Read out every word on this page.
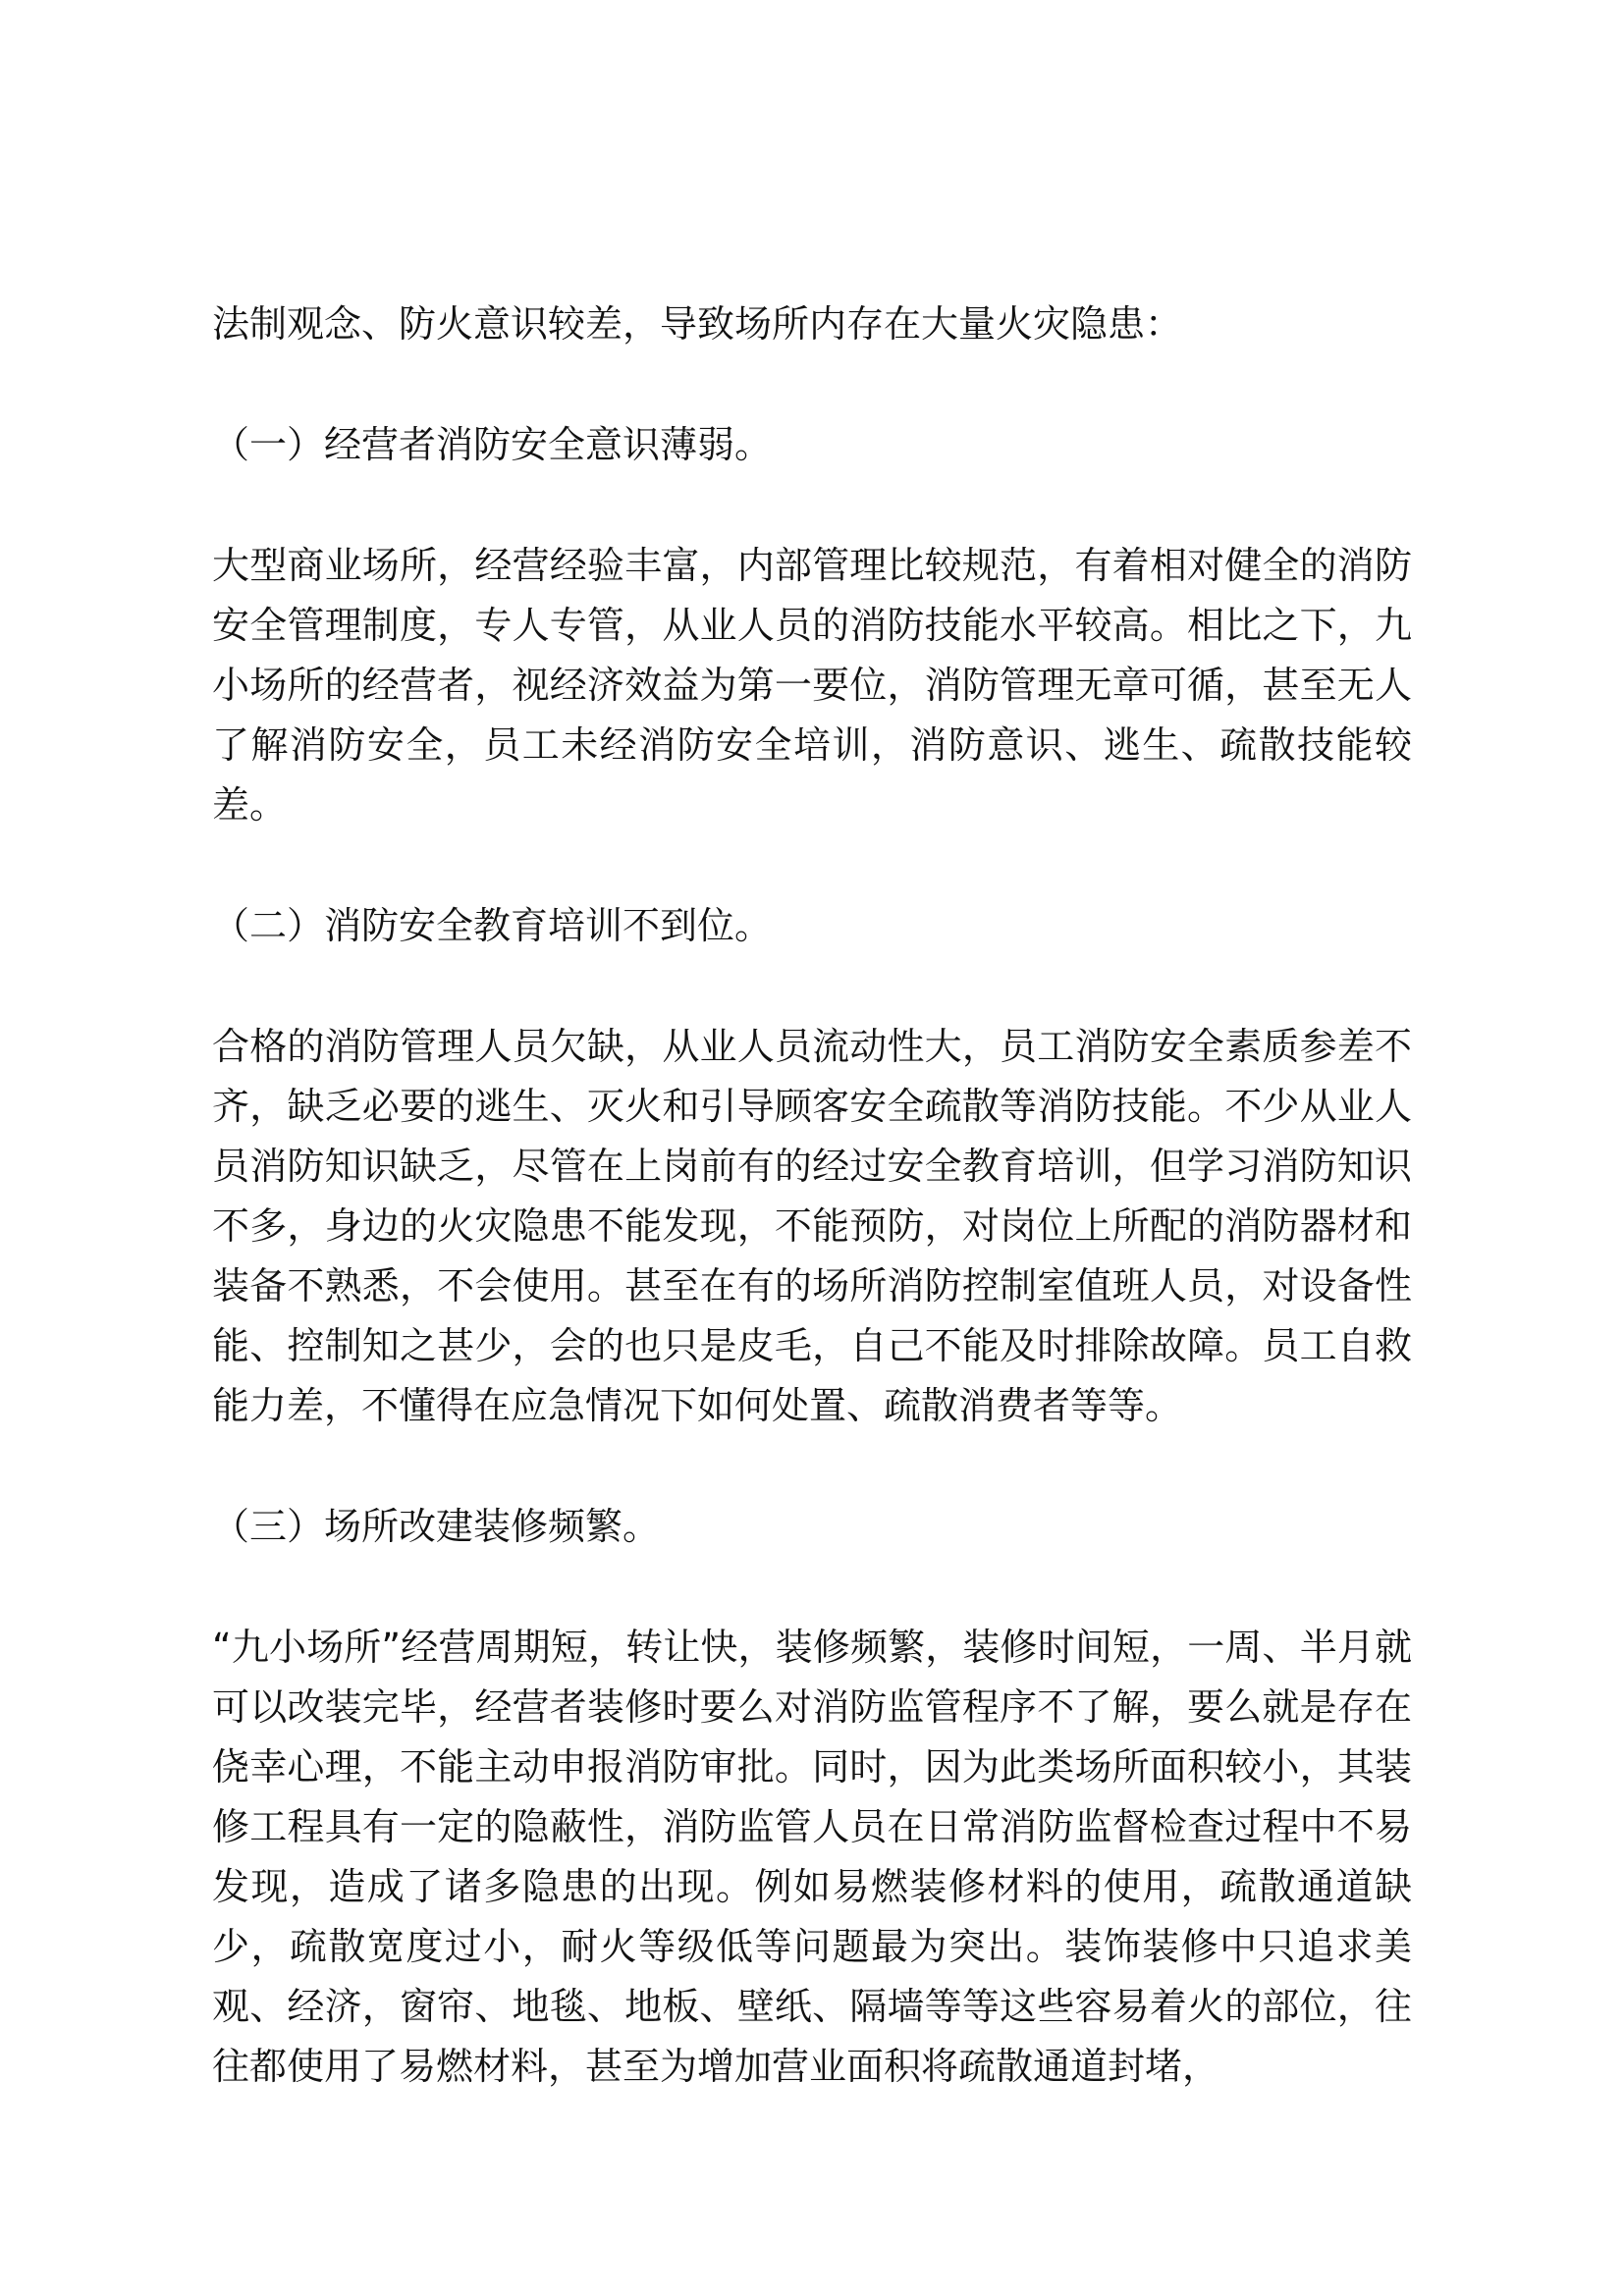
法制观念、防火意识较差，导致场所内存在大量火灾隐患：

（一）经营者消防安全意识薄弱。

大型商业场所，经营经验丰富，内部管理比较规范，有着相对健全的消防安全管理制度，专人专管，从业人员的消防技能水平较高。相比之下，九小场所的经营者，视经济效益为第一要位，消防管理无章可循，甚至无人了解消防安全，员工未经消防安全培训，消防意识、逃生、疏散技能较差。

（二）消防安全教育培训不到位。

合格的消防管理人员欠缺，从业人员流动性大，员工消防安全素质参差不齐，缺乏必要的逃生、灭火和引导顾客安全疏散等消防技能。不少从业人员消防知识缺乏，尽管在上岗前有的经过安全教育培训，但学习消防知识不多，身边的火灾隐患不能发现，不能预防，对岗位上所配的消防器材和装备不熟悉，不会使用。甚至在有的场所消防控制室值班人员，对设备性能、控制知之甚少，会的也只是皮毛，自己不能及时排除故障。员工自救能力差，不懂得在应急情况下如何处置、疏散消费者等等。

（三）场所改建装修频繁。

“九小场所”经营周期短，转让快，装修频繁，装修时间短，一周、半月就可以改装完毕，经营者装修时要么对消防监管程序不了解，要么就是存在侥幸心理，不能主动申报消防审批。同时，因为此类场所面积较小，其装修工程具有一定的隐蔽性，消防监管人员在日常消防监督检查过程中不易发现，造成了诸多隐患的出现。例如易燃装修材料的使用，疏散通道缺少，疏散宽度过小，耐火等级低等问题最为突出。装饰装修中只追求美观、经济，窗帘、地毯、地板、壁纸、隔墙等等这些容易着火的部位，往往都使用了易燃材料，甚至为增加营业面积将疏散通道封堵，
